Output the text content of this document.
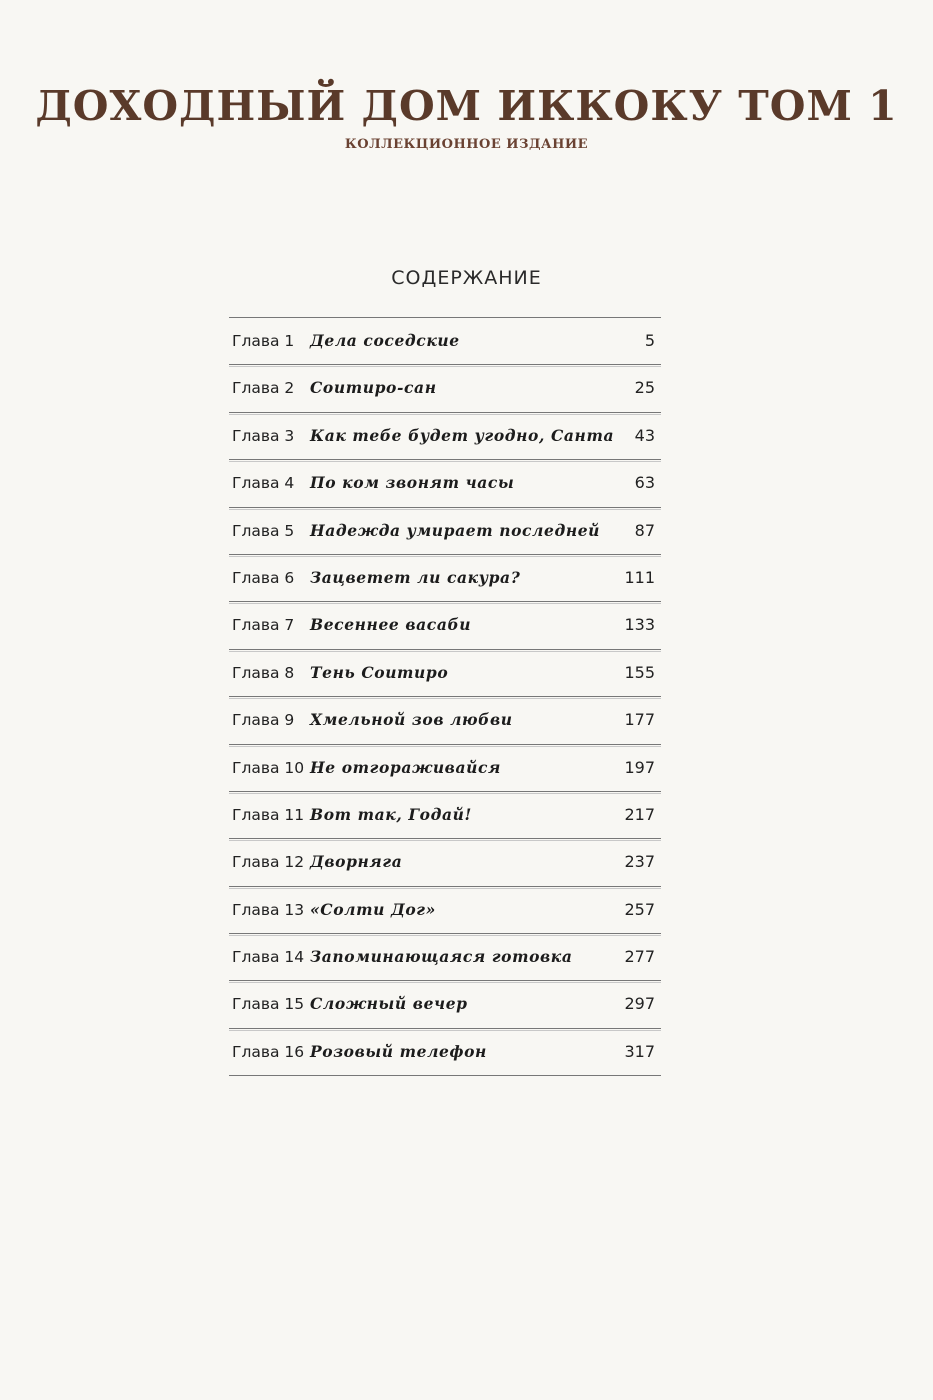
ДОХОДНЫЙ ДОМ ИККОКУ ТОМ 1
КОЛЛЕКЦИОННОЕ ИЗДАНИЕ
СОДЕРЖАНИЕ
Глава 1 Дела соседские	5
Глава 2 Соитиро-сан	25
Глава 3 Как тебе будет угодно, Санта 43
Глава 4 По ком звонят часы	63
Глава 5 Надежда умирает последней 87
Глава 6 Зацветет ли сакура?	111
Глава 7 Весеннее васаби	133
Глава 8 Тень Соитиро	155
Глава 9 Хмельной зов любви	177
Глава 10 Не отгораживайся	197
Глава 11 Вот так, Годай!	217
Глава 12 Дворняга	237
Глава 13 «Солти Дог»	257
Глава 14 Запоминающаяся готовка	277
Глава 15 Сложный вечер	297
Глава 16 Розовый телефон	317
